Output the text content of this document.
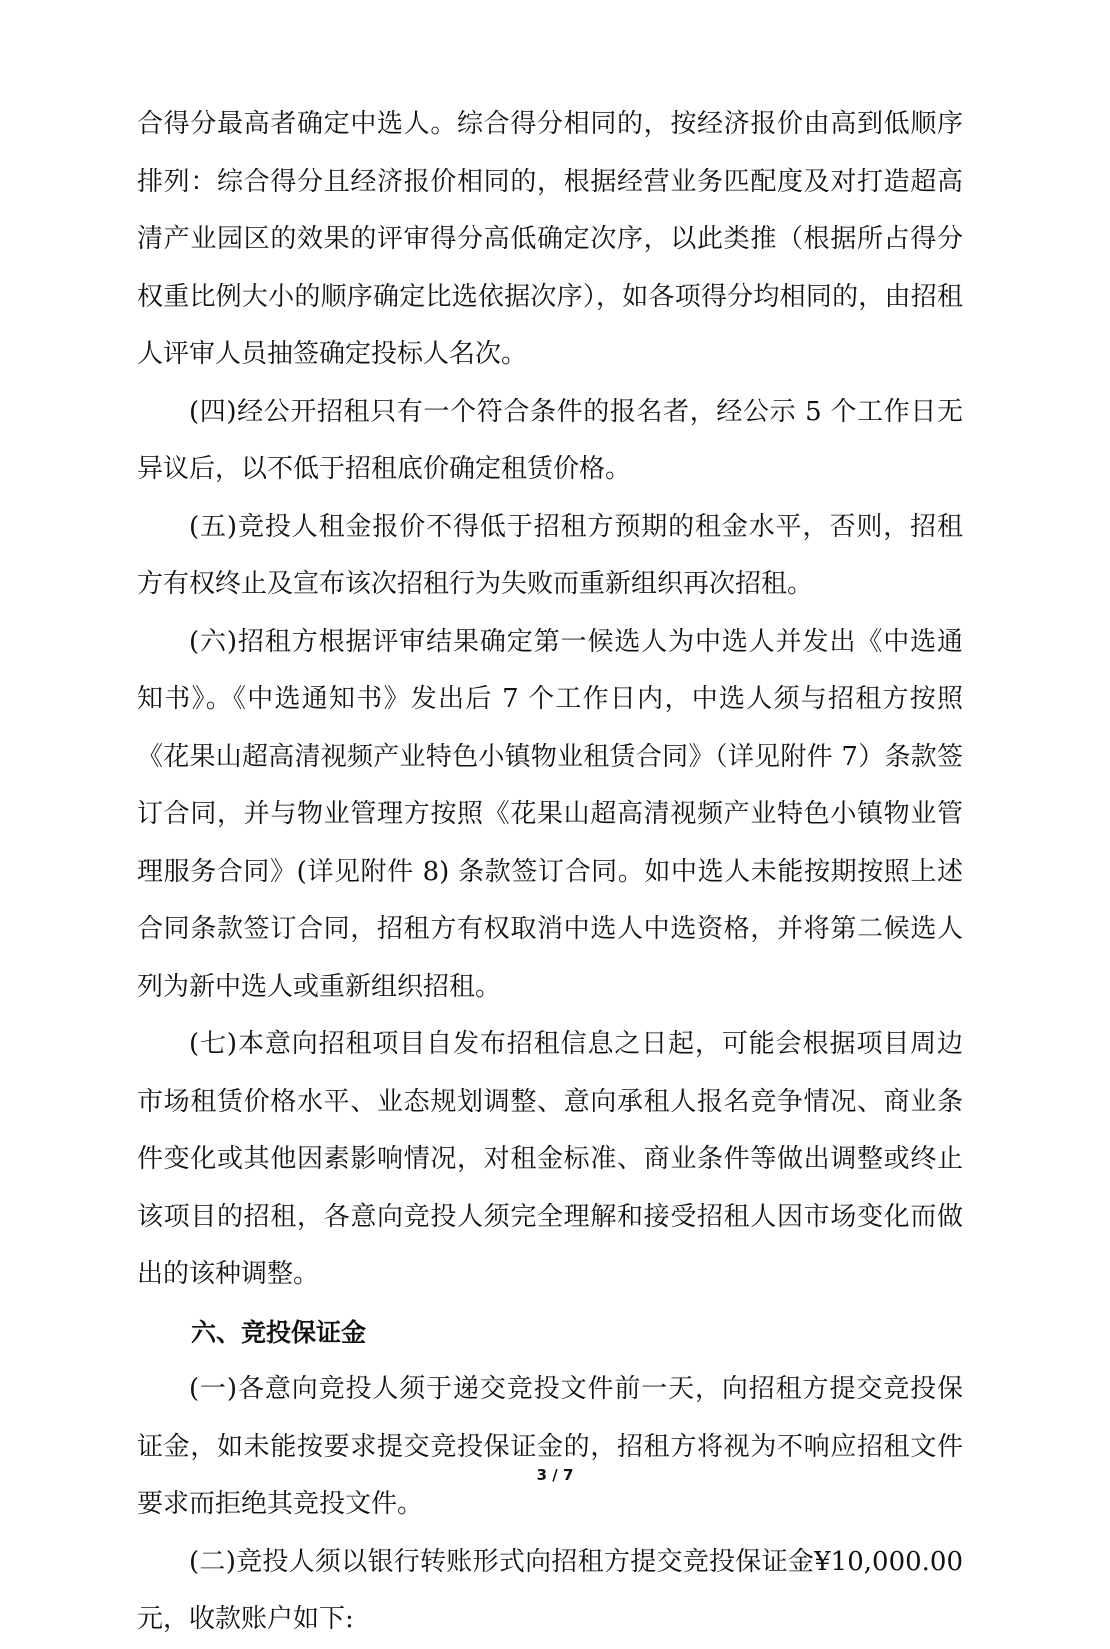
合得分最高者确定中选人。综合得分相同的，按经济报价由高到低顺序排列：综合得分且经济报价相同的，根据经营业务匹配度及对打造超高清产业园区的效果的评审得分高低确定次序，以此类推（根据所占得分权重比例大小的顺序确定比选依据次序），如各项得分均相同的，由招租人评审人员抽签确定投标人名次。

(四)经公开招租只有一个符合条件的报名者，经公示 5 个工作日无异议后，以不低于招租底价确定租赁价格。

(五)竞投人租金报价不得低于招租方预期的租金水平，否则，招租方有权终止及宣布该次招租行为失败而重新组织再次招租。

(六)招租方根据评审结果确定第一候选人为中选人并发出《中选通知书》。《中选通知书》发出后 7 个工作日内，中选人须与招租方按照《花果山超高清视频产业特色小镇物业租赁合同》（详见附件 7）条款签订合同，并与物业管理方按照《花果山超高清视频产业特色小镇物业管理服务合同》(详见附件 8) 条款签订合同。如中选人未能按期按照上述合同条款签订合同，招租方有权取消中选人中选资格，并将第二候选人列为新中选人或重新组织招租。

(七)本意向招租项目自发布招租信息之日起，可能会根据项目周边市场租赁价格水平、业态规划调整、意向承租人报名竞争情况、商业条件变化或其他因素影响情况，对租金标准、商业条件等做出调整或终止该项目的招租，各意向竞投人须完全理解和接受招租人因市场变化而做出的该种调整。

六、竞投保证金

(一)各意向竞投人须于递交竞投文件前一天，向招租方提交竞投保证金，如未能按要求提交竞投保证金的，招租方将视为不响应招租文件要求而拒绝其竞投文件。

(二)竞投人须以银行转账形式向招租方提交竞投保证金¥10,000.00 元，收款账户如下:

3 / 7
